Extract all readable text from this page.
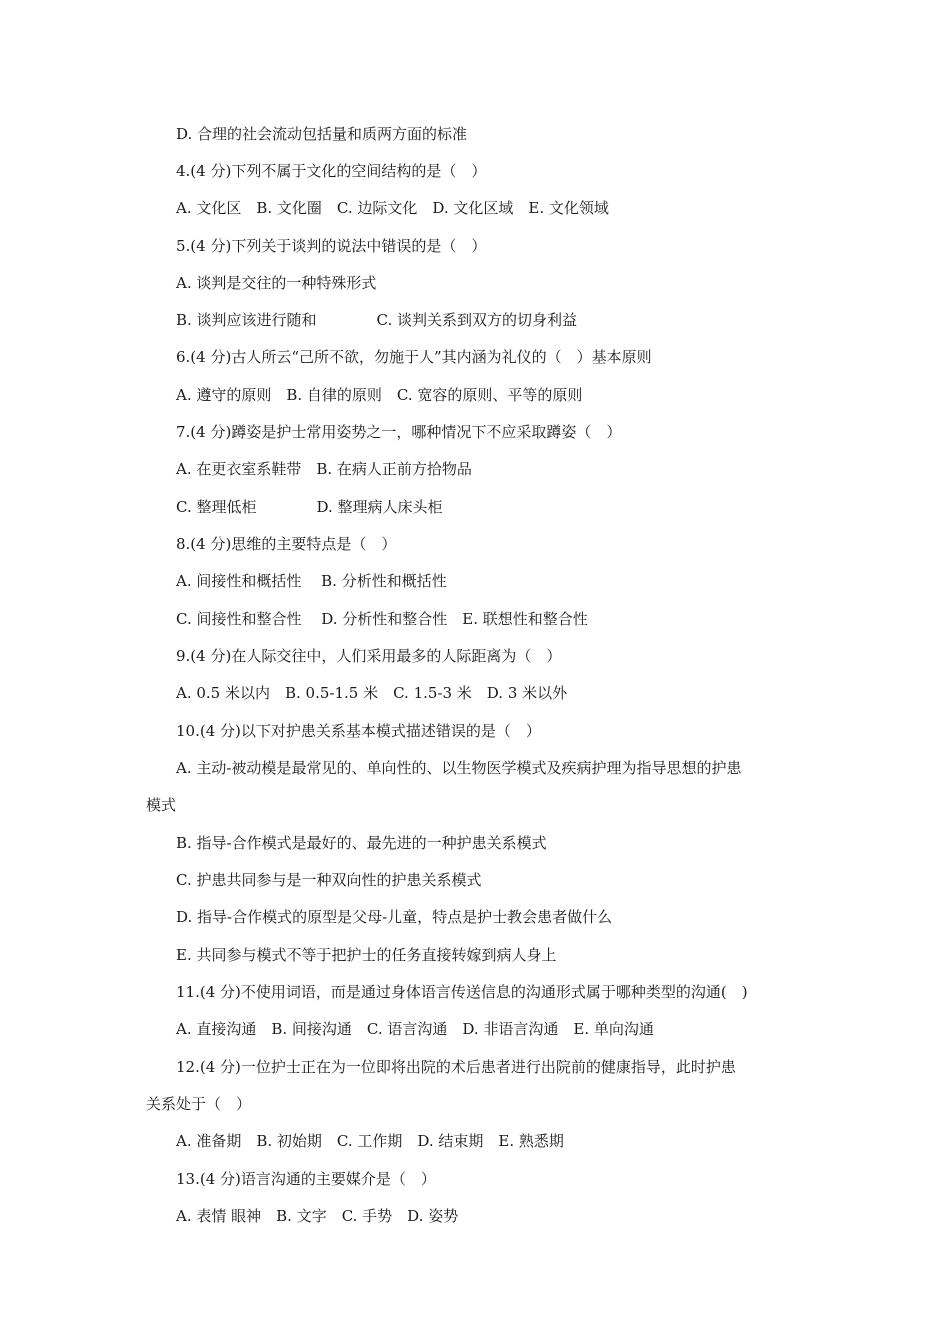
D. 合理的社会流动包括量和质两方面的标准
4.(4 分)下列不属于文化的空间结构的是（　）
A. 文化区　B. 文化圈　C. 边际文化　D. 文化区域　E. 文化领域
5.(4 分)下列关于谈判的说法中错误的是（　）
A. 谈判是交往的一种特殊形式
B. 谈判应该进行随和　　　　C. 谈判关系到双方的切身利益
6.(4 分)古人所云“己所不欲，勿施于人”其内涵为礼仪的（　）基本原则
A. 遵守的原则　B. 自律的原则　C. 宽容的原则、平等的原则
7.(4 分)蹲姿是护士常用姿势之一，哪种情况下不应采取蹲姿（　）
A. 在更衣室系鞋带　B. 在病人正前方拾物品
C. 整理低柜　　　　D. 整理病人床头柜
8.(4 分)思维的主要特点是（　）
A. 间接性和概括性　 B. 分析性和概括性
C. 间接性和整合性　 D. 分析性和整合性　E. 联想性和整合性
9.(4 分)在人际交往中，人们采用最多的人际距离为（　）
A. 0.5 米以内　B. 0.5-1.5 米　C. 1.5-3 米　D. 3 米以外
10.(4 分)以下对护患关系基本模式描述错误的是（　）
A. 主动-被动模是最常见的、单向性的、以生物医学模式及疾病护理为指导思想的护患
模式
B. 指导-合作模式是最好的、最先进的一种护患关系模式
C. 护患共同参与是一种双向性的护患关系模式
D. 指导-合作模式的原型是父母-儿童，特点是护士教会患者做什么
E. 共同参与模式不等于把护士的任务直接转嫁到病人身上
11.(4 分)不使用词语，而是通过身体语言传送信息的沟通形式属于哪种类型的沟通(　)
A. 直接沟通　B. 间接沟通　C. 语言沟通　D. 非语言沟通　E. 单向沟通
12.(4 分)一位护士正在为一位即将出院的术后患者进行出院前的健康指导，此时护患
关系处于（　）
A. 准备期　B. 初始期　C. 工作期　D. 结束期　E. 熟悉期
13.(4 分)语言沟通的主要媒介是（　）
A. 表情 眼神　B. 文字　C. 手势　D. 姿势
